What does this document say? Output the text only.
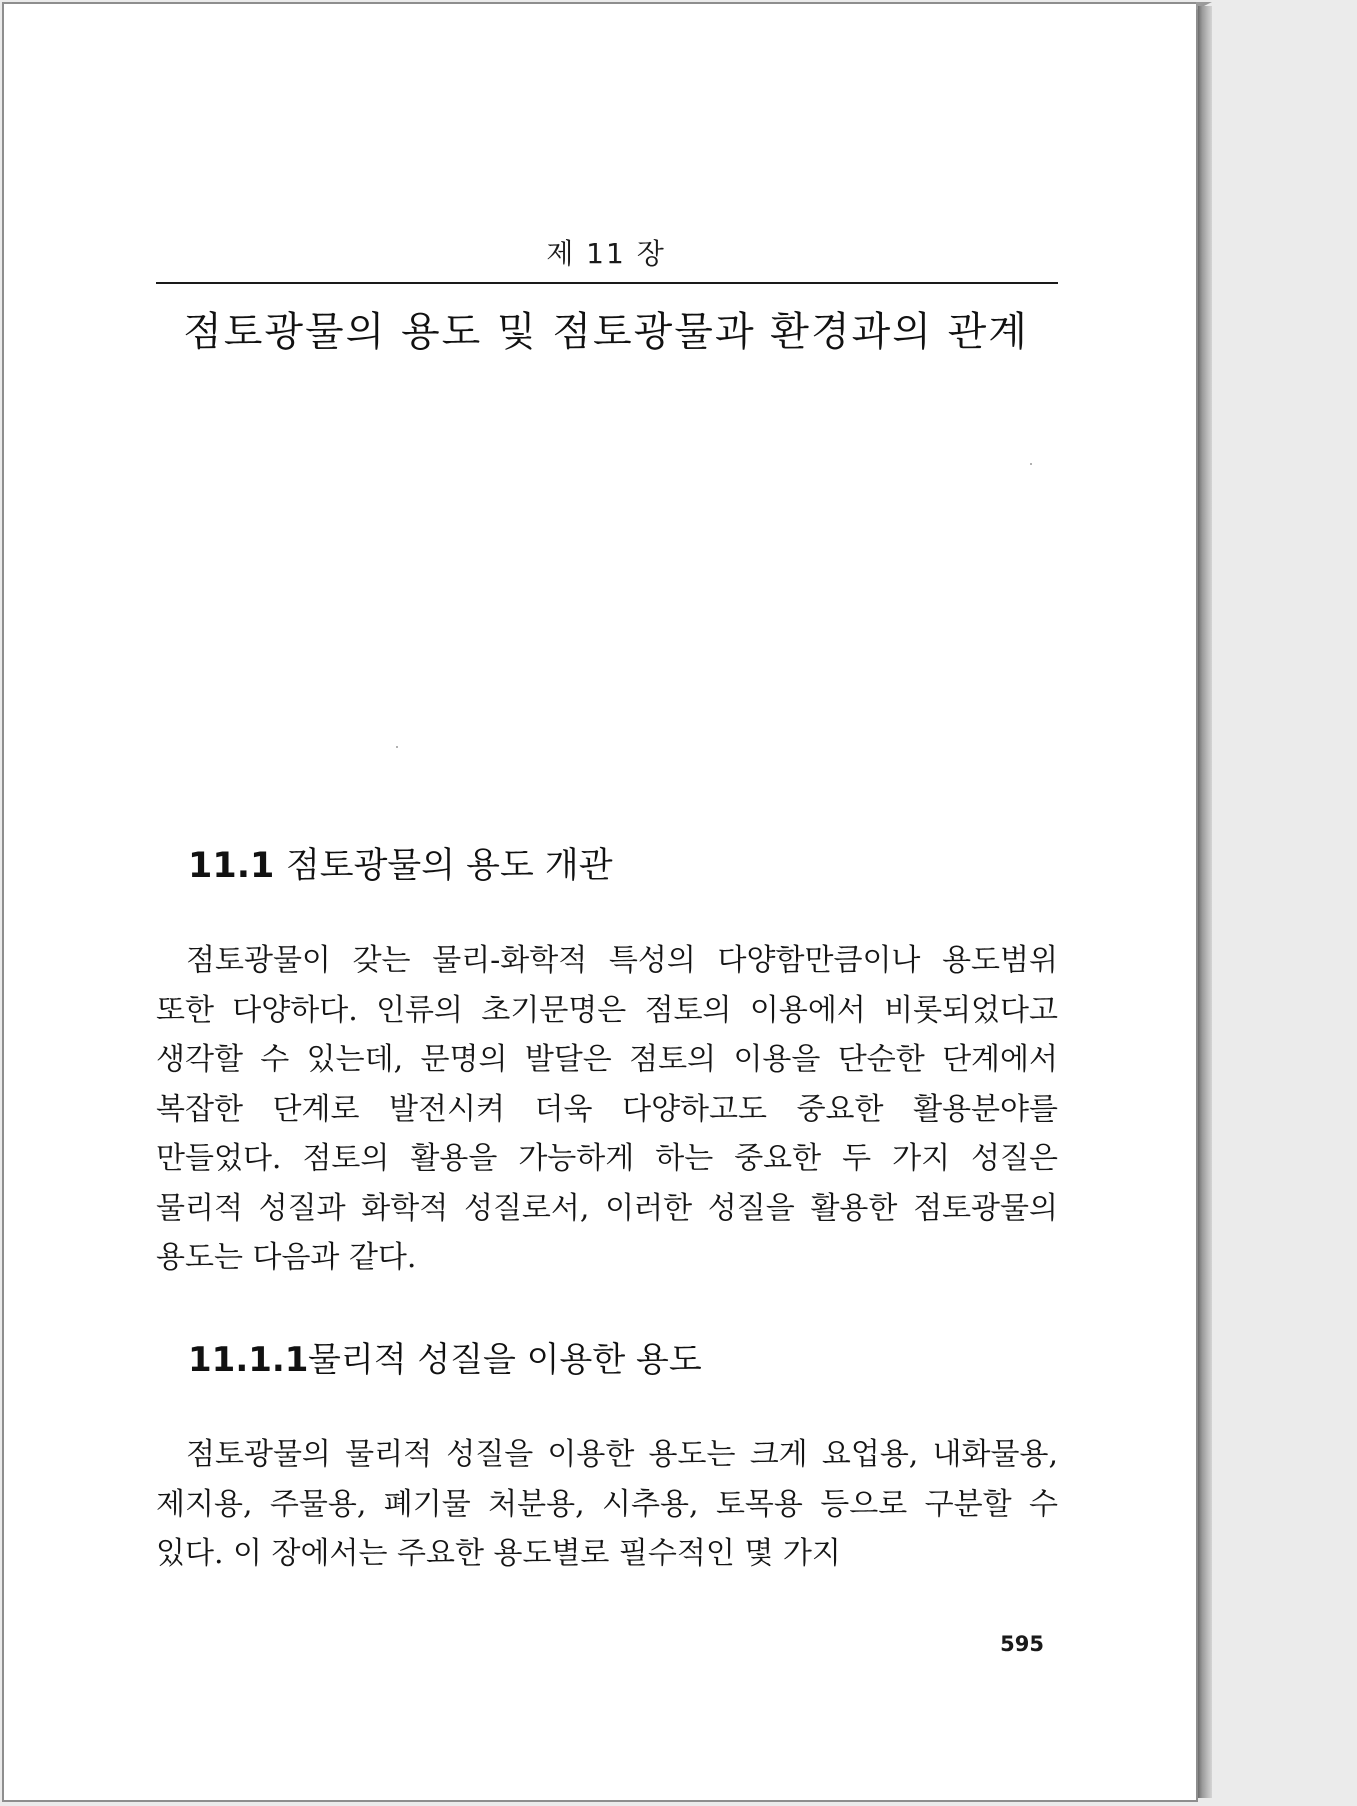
제 11 장
점토광물의 용도 및 점토광물과 환경과의 관계
11.1 점토광물의 용도 개관
점토광물이 갖는 물리-화학적 특성의 다양함만큼이나 용도범위 또한 다양하다. 인류의 초기문명은 점토의 이용에서 비롯되었다고 생각할 수 있는데, 문명의 발달은 점토의 이용을 단순한 단계에서 복잡한 단계로 발전시켜 더욱 다양하고도 중요한 활용분야를 만들었다. 점토의 활용을 가능하게 하는 중요한 두 가지 성질은 물리적 성질과 화학적 성질로서, 이러한 성질을 활용한 점토광물의 용도는 다음과 같다.
11.1.1물리적 성질을 이용한 용도
점토광물의 물리적 성질을 이용한 용도는 크게 요업용, 내화물용, 제지용, 주물용, 폐기물 처분용, 시추용, 토목용 등으로 구분할 수 있다. 이 장에서는 주요한 용도별로 필수적인 몇 가지
595
